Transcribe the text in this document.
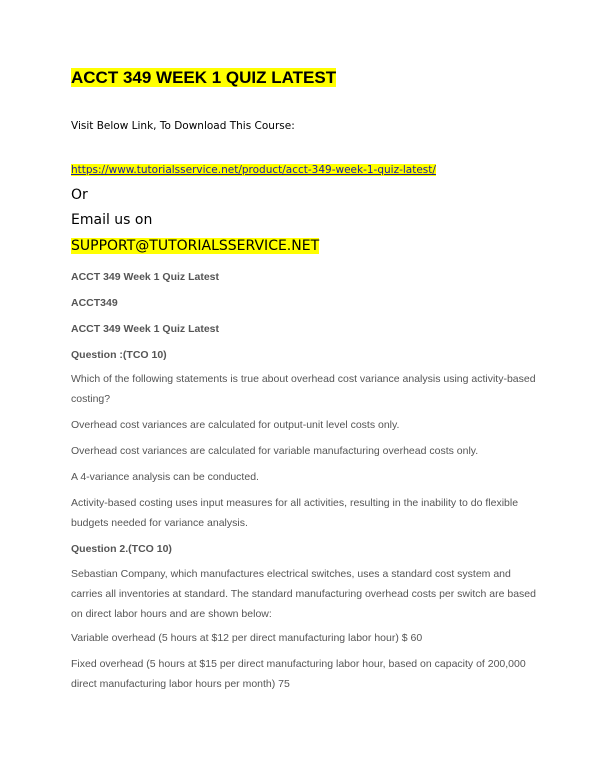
ACCT 349 WEEK 1 QUIZ LATEST
Visit Below Link, To Download This Course:
https://www.tutorialsservice.net/product/acct-349-week-1-quiz-latest/
Or
Email us on
SUPPORT@TUTORIALSSERVICE.NET
ACCT 349 Week 1 Quiz Latest
ACCT349
ACCT 349 Week 1 Quiz Latest
Question :(TCO 10)
Which of the following statements is true about overhead cost variance analysis using activity-based costing?
Overhead cost variances are calculated for output-unit level costs only.
Overhead cost variances are calculated for variable manufacturing overhead costs only.
A 4-variance analysis can be conducted.
Activity-based costing uses input measures for all activities, resulting in the inability to do flexible budgets needed for variance analysis.
Question 2.(TCO 10)
Sebastian Company, which manufactures electrical switches, uses a standard cost system and carries all inventories at standard. The standard manufacturing overhead costs per switch are based on direct labor hours and are shown below:
Variable overhead (5 hours at $12 per direct manufacturing labor hour) $ 60
Fixed overhead (5 hours at $15 per direct manufacturing labor hour, based on capacity of 200,000 direct manufacturing labor hours per month) 75
